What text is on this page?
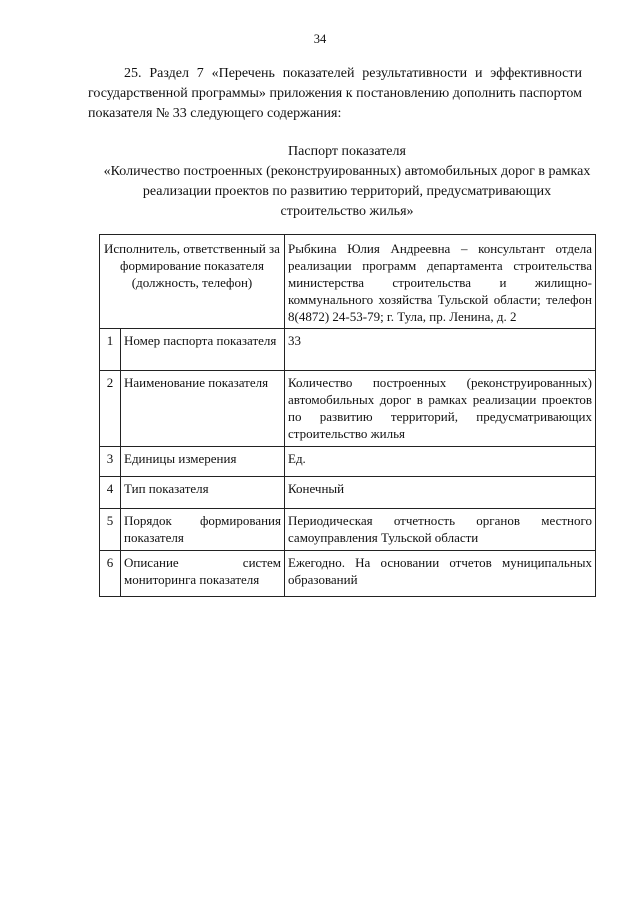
34

25. Раздел 7 «Перечень показателей результативности и эффективности государственной программы» приложения к постановлению дополнить паспортом показателя № 33 следующего содержания:

Паспорт показателя

«Количество построенных (реконструированных) автомобильных дорог в рамках реализации проектов по развитию территорий, предусматривающих строительство жилья»

Исполнитель, ответственный за формирование показателя (должность, телефон)		Рыбкина Юлия Андреевна – консультант отдела реализации программ департамента строительства министерства строительства и жилищно-коммунального хозяйства Тульской области; телефон 8(4872) 24-53-79; г. Тула, пр. Ленина, д. 2
1	Номер паспорта показателя	33
2	Наименование показателя	Количество построенных (реконструированных) автомобильных дорог в рамках реализации проектов по развитию территорий, предусматривающих строительство жилья
3	Единицы измерения	Ед.
4	Тип показателя	Конечный
5	Порядок формирования показателя	Периодическая отчетность органов местного самоуправления Тульской области
6	Описание систем мониторинга показателя	Ежегодно. На основании отчетов муниципальных образований
